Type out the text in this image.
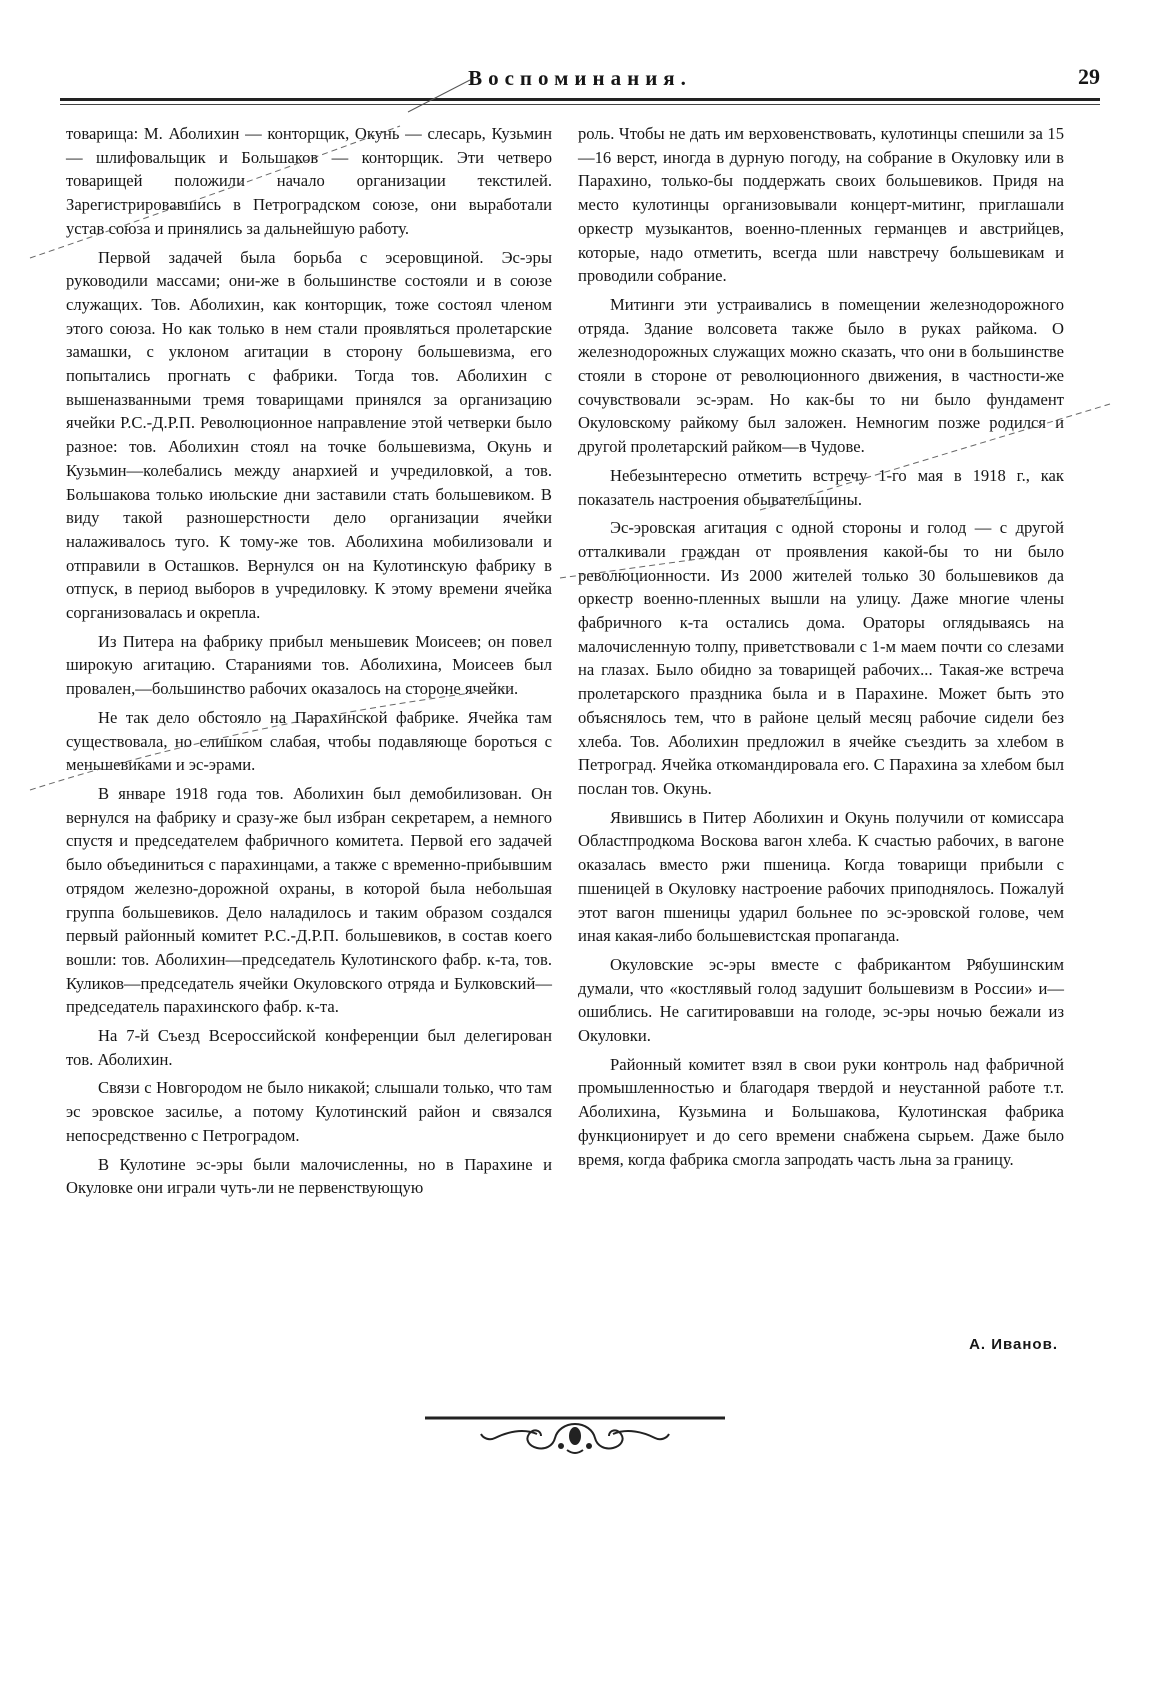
Воспоминания.	29

товарища: М. Аболихин — конторщик, Окунь — слесарь, Кузьмин — шлифовальщик и Большаков — конторщик. Эти четверо товарищей положили начало организации текстилей. Зарегистрировавшись в Петроградском союзе, они выработали устав союза и принялись за дальнейшую работу.

Первой задачей была борьба с эсеровщиной. Эс-эры руководили массами; они-же в большинстве состояли и в союзе служащих. Тов. Аболихин, как конторщик, тоже состоял членом этого союза. Но как только в нем стали проявляться пролетарские замашки, с уклоном агитации в сторону большевизма, его попытались прогнать с фабрики. Тогда тов. Аболихин с вышеназванными тремя товарищами принялся за организацию ячейки Р.С.-Д.Р.П. Революционное направление этой четверки было разное: тов. Аболихин стоял на точке большевизма, Окунь и Кузьмин—колебались между анархией и учредиловкой, а тов. Большакова только июльские дни заставили стать большевиком. В виду такой разношерстности дело организации ячейки налаживалось туго. К тому-же тов. Аболихина мобилизовали и отправили в Осташков. Вернулся он на Кулотинскую фабрику в отпуск, в период выборов в учредиловку. К этому времени ячейка сорганизовалась и окрепла.

Из Питера на фабрику прибыл меньшевик Моисеев; он повел широкую агитацию. Стараниями тов. Аболихина, Моисеев был провален,—большинство рабочих оказалось на стороне ячейки.

Не так дело обстояло на Парахинской фабрике. Ячейка там существовала, но слишком слабая, чтобы подавляюще бороться с меньшевиками и эс-эрами.

В январе 1918 года тов. Аболихин был демобилизован. Он вернулся на фабрику и сразу-же был избран секретарем, а немного спустя и председателем фабричного комитета. Первой его задачей было объединиться с парахинцами, а также с временно-прибывшим отрядом железно-дорожной охраны, в которой была небольшая группа большевиков. Дело наладилось и таким образом создался первый районный комитет Р.С.-Д.Р.П. большевиков, в состав коего вошли: тов. Аболихин—председатель Кулотинского фабр. к-та, тов. Куликов—председатель ячейки Окуловского отряда и Булковский—председатель парахинского фабр. к-та.

На 7-й Съезд Всероссийской конференции был делегирован тов. Аболихин.

Связи с Новгородом не было никакой; слышали только, что там эс эровское засилье, а потому Кулотинский район и связался непосредственно с Петроградом.

В Кулотине эс-эры были малочисленны, но в Парахине и Окуловке они играли чуть-ли не первенствующую

роль. Чтобы не дать им верховенствовать, кулотинцы спешили за 15—16 верст, иногда в дурную погоду, на собрание в Окуловку или в Парахино, только-бы поддержать своих большевиков. Придя на место кулотинцы организовывали концерт-митинг, приглашали оркестр музыкантов, военно-пленных германцев и австрийцев, которые, надо отметить, всегда шли навстречу большевикам и проводили собрание.

Митинги эти устраивались в помещении железнодорожного отряда. Здание волсовета также было в руках райкома. О железнодорожных служащих можно сказать, что они в большинстве стояли в стороне от революционного движения, в частности-же сочувствовали эс-эрам. Но как-бы то ни было фундамент Окуловскому райкому был заложен. Немногим позже родился и другой пролетарский райком—в Чудове.

Небезынтересно отметить встречу 1-го мая в 1918 г., как показатель настроения обывательщины.

Эс-эровская агитация с одной стороны и голод — с другой отталкивали граждан от проявления какой-бы то ни было революционности. Из 2000 жителей только 30 большевиков да оркестр военно-пленных вышли на улицу. Даже многие члены фабричного к-та остались дома. Ораторы оглядываясь на малочисленную толпу, приветствовали с 1-м маем почти со слезами на глазах. Было обидно за товарищей рабочих... Такая-же встреча пролетарского праздника была и в Парахине. Может быть это объяснялось тем, что в районе целый месяц рабочие сидели без хлеба. Тов. Аболихин предложил в ячейке съездить за хлебом в Петроград. Ячейка откомандировала его. С Парахина за хлебом был послан тов. Окунь.

Явившись в Питер Аболихин и Окунь получили от комиссара Областпродкома Воскова вагон хлеба. К счастью рабочих, в вагоне оказалась вместо ржи пшеница. Когда товарищи прибыли с пшеницей в Окуловку настроение рабочих приподнялось. Пожалуй этот вагон пшеницы ударил больнее по эс-эровской голове, чем иная какая-либо большевистская пропаганда.

Окуловские эс-эры вместе с фабрикантом Рябушинским думали, что «костлявый голод задушит большевизм в России» и—ошиблись. Не сагитировавши на голоде, эс-эры ночью бежали из Окуловки.

Районный комитет взял в свои руки контроль над фабричной промышленностью и благодаря твердой и неустанной работе т.т. Аболихина, Кузьмина и Большакова, Кулотинская фабрика функционирует и до сего времени снабжена сырьем. Даже было время, когда фабрика смогла запродать часть льна за границу.

А. Иванов.
